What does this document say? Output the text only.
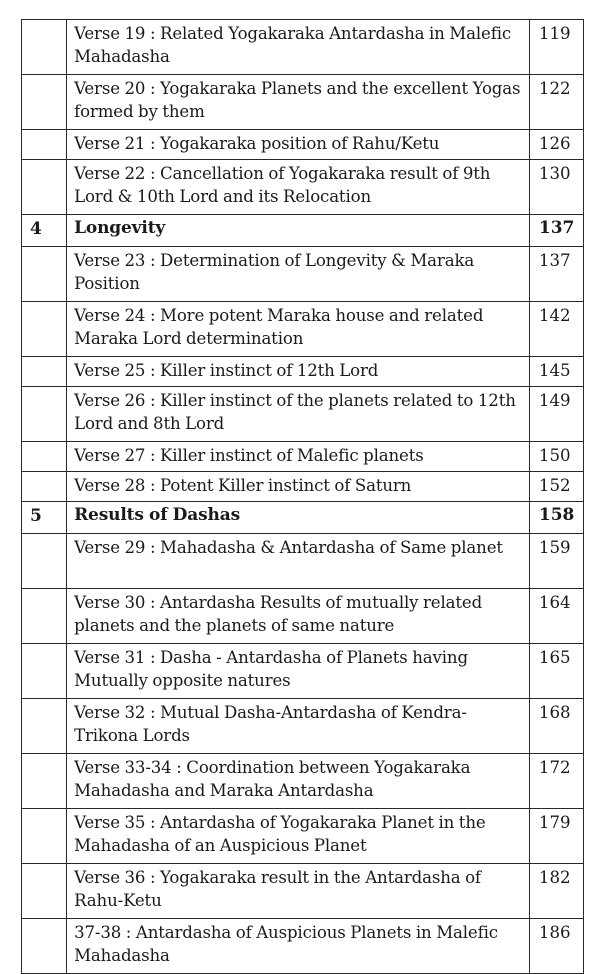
	Verse 19 : Related Yogakaraka Antardasha in Malefic Mahadasha	119
	Verse 20 : Yogakaraka Planets and the excellent Yogas formed by them	122
	Verse 21 : Yogakaraka position of Rahu/Ketu	126
	Verse 22 : Cancellation of Yogakaraka result of 9th Lord & 10th Lord and its Relocation	130
4	Longevity	137
	Verse 23 : Determination of Longevity & Maraka Position	137
	Verse 24 : More potent Maraka house and related Maraka Lord determination	142
	Verse 25 : Killer instinct of 12th Lord	145
	Verse 26 : Killer instinct of the planets related to 12th Lord and 8th Lord	149
	Verse 27 : Killer instinct of Malefic planets	150
	Verse 28 : Potent Killer instinct of Saturn	152
5	Results of Dashas	158
	Verse 29 : Mahadasha & Antardasha of Same planet	159
	Verse 30 : Antardasha Results of mutually related planets and the planets of same nature	164
	Verse 31 : Dasha - Antardasha of Planets having Mutually opposite natures	165
	Verse 32 : Mutual Dasha-Antardasha of Kendra-Trikona Lords	168
	Verse 33-34 : Coordination between Yogakaraka Mahadasha and Maraka Antardasha	172
	Verse 35 : Antardasha of Yogakaraka Planet in the Mahadasha of an Auspicious Planet	179
	Verse 36 : Yogakaraka result in the Antardasha of Rahu-Ketu	182
	37-38 : Antardasha of Auspicious Planets in Malefic Mahadasha	186
